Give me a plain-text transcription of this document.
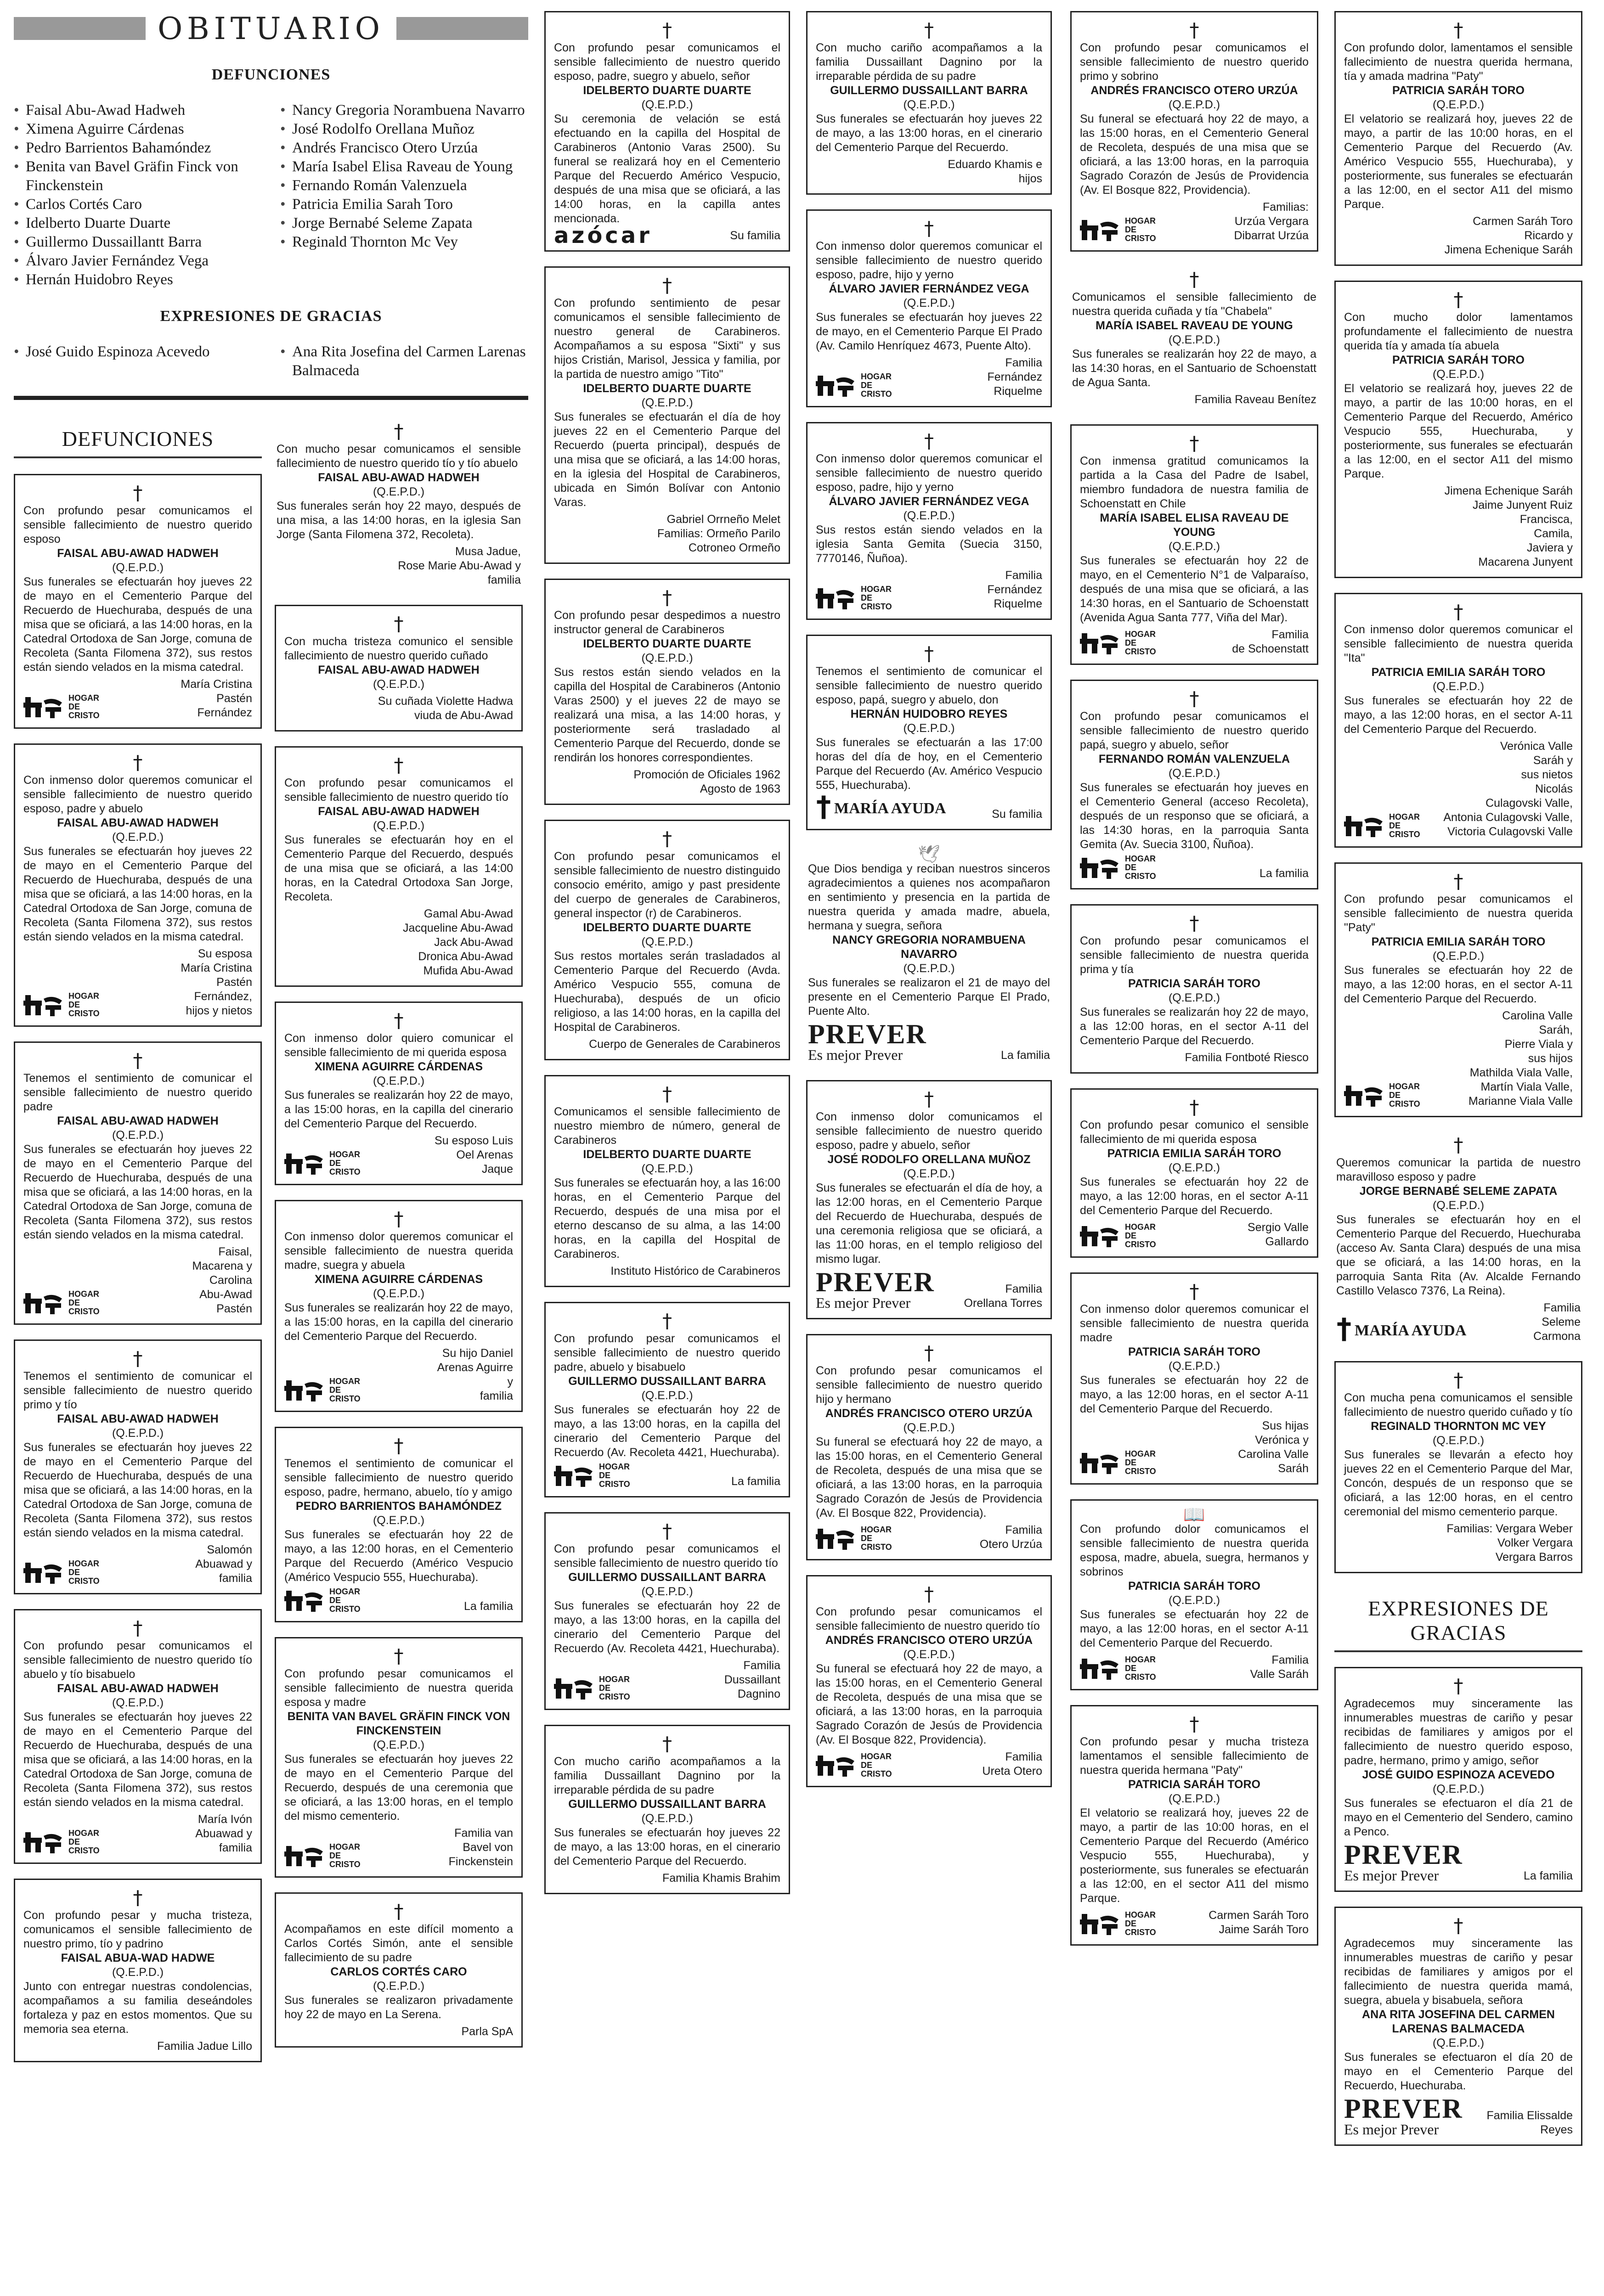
OBITUARIO
DEFUNCIONES
• Faisal Abu-Awad Hadweh
• Ximena Aguirre Cárdenas
• Pedro Barrientos Bahamóndez
• Benita van Bavel Gräfin Finck von Finckenstein
• Carlos Cortés Caro
• Idelberto Duarte Duarte
• Guillermo Dussaillantt Barra
• Álvaro Javier Fernández Vega
• Hernán Huidobro Reyes
• Nancy Gregoria Norambuena Navarro
• José Rodolfo Orellana Muñoz
• Andrés Francisco Otero Urzúa
• María Isabel Elisa Raveau de Young
• Fernando Román Valenzuela
• Patricia Emilia Sarah Toro
• Jorge Bernabé Seleme Zapata
• Reginald Thornton Mc Vey
EXPRESIONES DE GRACIAS
• José Guido Espinoza Acevedo
•	Ana Rita Josefina del Carmen Larenas Balmaceda
DEFUNCIONES
†
Con profundo pesar comunicamos el sensible fallecimiento de nuestro querido esposo
FAISAL ABU-AWAD HADWEH
(Q.E.P.D.)
Sus funerales se efectuarán hoy jueves 22 de mayo en el Cementerio Parque del Recuerdo de Huechuraba, después de una misa que se oficiará, a las 14:00 horas, en la Catedral Ortodoxa de San Jorge, comuna de Recoleta (Santa Filomena 372), sus restos están siendo velados en la misma catedral.
HOGAR DE CRISTO
María Cristina
Pastén
Fernández
†
Con inmenso dolor queremos comunicar el sensible fallecimiento de nuestro querido esposo, padre y abuelo
FAISAL ABU-AWAD HADWEH
(Q.E.P.D.)
Sus funerales se efectuarán hoy jueves 22 de mayo en el Cementerio Parque del Recuerdo de Huechuraba, después de una misa que se oficiará, a las 14:00 horas, en la Catedral Ortodoxa de San Jorge, comuna de Recoleta (Santa Filomena 372), sus restos están siendo velados en la misma catedral.
HOGAR DE CRISTO
Su esposa
María Cristina
Pastén
Fernández,
hijos y nietos
†
Tenemos el sentimiento de comunicar el sensible fallecimiento de nuestro querido padre
FAISAL ABU-AWAD HADWEH
(Q.E.P.D.)
Sus funerales se efectuarán hoy jueves 22 de mayo en el Cementerio Parque del Recuerdo de Huechuraba, después de una misa que se oficiará, a las 14:00 horas, en la Catedral Ortodoxa de San Jorge, comuna de Recoleta (Santa Filomena 372), sus restos están siendo velados en la misma catedral.
HOGAR DE CRISTO
Faisal,
Macarena y
Carolina
Abu-Awad
Pastén
†
Tenemos el sentimiento de comunicar el sensible fallecimiento de nuestro querido primo y tío
FAISAL ABU-AWAD HADWEH
(Q.E.P.D.)
Sus funerales se efectuarán hoy jueves 22 de mayo en el Cementerio Parque del Recuerdo de Huechuraba, después de una misa que se oficiará, a las 14:00 horas, en la Catedral Ortodoxa de San Jorge, comuna de Recoleta (Santa Filomena 372), sus restos están siendo velados en la misma catedral.
HOGAR DE CRISTO
Salomón
Abuawad y
familia
†
Con profundo pesar comunicamos el sensible fallecimiento de nuestro querido tío abuelo y tío bisabuelo
FAISAL ABU-AWAD HADWEH
(Q.E.P.D.)
Sus funerales se efectuarán hoy jueves 22 de mayo en el Cementerio Parque del Recuerdo de Huechuraba, después de una misa que se oficiará, a las 14:00 horas, en la Catedral Ortodoxa de San Jorge, comuna de Recoleta (Santa Filomena 372), sus restos están siendo velados en la misma catedral.
HOGAR DE CRISTO
María Ivón
Abuawad y
familia
†
Con profundo pesar y mucha tristeza, comunicamos el sensible fallecimiento de nuestro primo, tío y padrino
FAISAL ABUA-WAD HADWE
(Q.E.P.D.)
Junto con entregar nuestras condolencias, acompañamos a su familia deseándoles fortaleza y paz en estos momentos. Que su memoria sea eterna.
Familia Jadue Lillo
†
Con mucho pesar comunicamos el sensible fallecimiento de nuestro querido tío y tío abuelo
FAISAL ABU-AWAD HADWEH
(Q.E.P.D.)
Sus funerales serán hoy 22 mayo, después de una misa, a las 14:00 horas, en la iglesia San Jorge (Santa Filomena 372, Recoleta).
Musa Jadue,
Rose Marie Abu-Awad y
familia
†
Con mucha tristeza comunico el sensible fallecimiento de nuestro querido cuñado
FAISAL ABU-AWAD HADWEH
(Q.E.P.D.)
Su cuñada Violette Hadwa
viuda de Abu-Awad
†
Con profundo pesar comunicamos el sensible fallecimiento de nuestro querido tío
FAISAL ABU-AWAD HADWEH
(Q.E.P.D.)
Sus funerales se efectuarán hoy en el Cementerio Parque del Recuerdo, después de una misa que se oficiará, a las 14:00 horas, en la Catedral Ortodoxa San Jorge, Recoleta.
Gamal Abu-Awad
Jacqueline Abu-Awad
Jack Abu-Awad
Dronica Abu-Awad
Mufida Abu-Awad
†
Con inmenso dolor quiero comunicar el sensible fallecimiento de mi querida esposa
XIMENA AGUIRRE CÁRDENAS
(Q.E.P.D.)
Sus funerales se realizarán hoy 22 de mayo, a las 15:00 horas, en la capilla del cinerario del Cementerio Parque del Recuerdo.
HOGAR DE CRISTO
Su esposo Luis
Oel Arenas
Jaque
†
Con inmenso dolor queremos comunicar el sensible fallecimiento de nuestra querida madre, suegra y abuela
XIMENA AGUIRRE CÁRDENAS
(Q.E.P.D.)
Sus funerales se realizarán hoy 22 de mayo, a las 15:00 horas, en la capilla del cinerario del Cementerio Parque del Recuerdo.
HOGAR DE CRISTO
Su hijo Daniel
Arenas Aguirre
y
familia
†
Tenemos el sentimiento de comunicar el sensible fallecimiento de nuestro querido esposo, padre, hermano, abuelo, tío y amigo
PEDRO BARRIENTOS BAHAMÓNDEZ
(Q.E.P.D.)
Sus funerales se efectuarán hoy 22 de mayo, a las 12:00 horas, en el Cementerio Parque del Recuerdo (Américo Vespucio (Américo Vespucio 555, Huechuraba).
HOGAR DE CRISTO	La familia
†
Con profundo pesar comunicamos el sensible fallecimiento de nuestra querida esposa y madre
BENITA VAN BAVEL GRÄFIN FINCK VON FINCKENSTEIN
(Q.E.P.D.)
Sus funerales se efectuarán hoy jueves 22 de mayo en el Cementerio Parque del Recuerdo, después de una ceremonia que se oficiará, a las 13:00 horas, en el templo del mismo cementerio.
HOGAR DE CRISTO
Familia van
Bavel von
Finckenstein
†
Acompañamos en este difícil momento a Carlos Cortés Simón, ante el sensible fallecimiento de su padre
CARLOS CORTÉS CARO
(Q.E.P.D.)
Sus funerales se realizaron privadamente hoy 22 de mayo en La Serena.
Parla SpA
†
Con profundo pesar comunicamos el sensible fallecimiento de nuestro querido esposo, padre, suegro y abuelo, señor
IDELBERTO DUARTE DUARTE
(Q.E.P.D.)
Su ceremonia de velación se está efectuando en la capilla del Hospital de Carabineros (Antonio Varas 2500). Su funeral se realizará hoy en el Cementerio Parque del Recuerdo Américo Vespucio, después de una misa que se oficiará, a las 14:00 horas, en la capilla antes mencionada.
azócar	Su familia
†
Con profundo sentimiento de pesar comunicamos el sensible fallecimiento de nuestro general de Carabineros. Acompañamos a su esposa "Sixti" y sus hijos Cristián, Marisol, Jessica y familia, por la partida de nuestro amigo "Tito"
IDELBERTO DUARTE DUARTE
(Q.E.P.D.)
Sus funerales se efectuarán el día de hoy jueves 22 en el Cementerio Parque del Recuerdo (puerta principal), después de una misa que se oficiará, a las 14:00 horas, en la iglesia del Hospital de Carabineros, ubicada en Simón Bolívar con Antonio Varas.
Gabriel Orrneño Melet
Familias: Ormeño Parilo
Cotroneo Ormeño
†
Con profundo pesar despedimos a nuestro instructor general de Carabineros
IDELBERTO DUARTE DUARTE
(Q.E.P.D.)
Sus restos están siendo velados en la capilla del Hospital de Carabineros (Antonio Varas 2500) y el jueves 22 de mayo se realizará una misa, a las 14:00 horas, y posteriormente será trasladado al Cementerio Parque del Recuerdo, donde se rendirán los honores correspondientes.
Promoción de Oficiales 1962
Agosto de 1963
†
Con profundo pesar comunicamos el sensible fallecimiento de nuestro distinguido consocio emérito, amigo y past presidente del cuerpo de generales de Carabineros, general inspector (r) de Carabineros.
IDELBERTO DUARTE DUARTE
(Q.E.P.D.)
Sus restos mortales serán trasladados al Cementerio Parque del Recuerdo (Avda. Américo Vespucio 555, comuna de Huechuraba), después de un oficio religioso, a las 14:00 horas, en la capilla del Hospital de Carabineros.
Cuerpo de Generales de Carabineros
†
Comunicamos el sensible fallecimiento de nuestro miembro de número, general de Carabineros
IDELBERTO DUARTE DUARTE
(Q.E.P.D.)
Sus funerales se efectuarán hoy, a las 16:00 horas, en el Cementerio Parque del Recuerdo, después de una misa por el eterno descanso de su alma, a las 14:00 horas, en la capilla del Hospital de Carabineros.
Instituto Histórico de Carabineros
†
Con profundo pesar comunicamos el sensible fallecimiento de nuestro querido padre, abuelo y bisabuelo
GUILLERMO DUSSAILLANT BARRA
(Q.E.P.D.)
Sus funerales se efectuarán hoy 22 de mayo, a las 13:00 horas, en la capilla del cinerario del Cementerio Parque del Recuerdo (Av. Recoleta 4421, Huechuraba).
HOGAR DE CRISTO	La familia
†
Con profundo pesar comunicamos el sensible fallecimiento de nuestro querido tío
GUILLERMO DUSSAILLANT BARRA
(Q.E.P.D.)
Sus funerales se efectuarán hoy 22 de mayo, a las 13:00 horas, en la capilla del cinerario del Cementerio Parque del Recuerdo (Av. Recoleta 4421, Huechuraba).
HOGAR DE CRISTO
Familia
Dussaillant
Dagnino
†
Con mucho cariño acompañamos a la familia Dussaillant Dagnino por la irreparable pérdida de su padre
GUILLERMO DUSSAILLANT BARRA
(Q.E.P.D.)
Sus funerales se efectuarán hoy jueves 22 de mayo, a las 13:00 horas, en el cinerario del Cementerio Parque del Recuerdo.
Familia Khamis Brahim
†
Con mucho cariño acompañamos a la familia Dussaillant Dagnino por la irreparable pérdida de su padre
GUILLERMO DUSSAILLANT BARRA
(Q.E.P.D.)
Sus funerales se efectuarán hoy jueves 22 de mayo, a las 13:00 horas, en el cinerario del Cementerio Parque del Recuerdo.
Eduardo Khamis e
hijos
†
Con inmenso dolor queremos comunicar el sensible fallecimiento de nuestro querido esposo, padre, hijo y yerno
ÁLVARO JAVIER FERNÁNDEZ VEGA
(Q.E.P.D.)
Sus funerales se efectuarán hoy jueves 22 de mayo, en el Cementerio Parque El Prado (Av. Camilo Henríquez 4673, Puente Alto).
HOGAR DE CRISTO
Familia
Fernández
Riquelme
†
Con inmenso dolor queremos comunicar el sensible fallecimiento de nuestro querido esposo, padre, hijo y yerno
ÁLVARO JAVIER FERNÁNDEZ VEGA
(Q.E.P.D.)
Sus restos están siendo velados en la iglesia Santa Gemita (Suecia 3150, 7770146, Ñuñoa).
HOGAR DE CRISTO
Familia
Fernández
Riquelme
†
Tenemos el sentimiento de comunicar el sensible fallecimiento de nuestro querido esposo, papá, suegro y abuelo, don
HERNÁN HUIDOBRO REYES
(Q.E.P.D.)
Sus funerales se efectuarán a las 17:00 horas del día de hoy, en el Cementerio Parque del Recuerdo (Av. Américo Vespucio 555, Huechuraba).
MARÍA AYUDA	Su familia
🕊
Que Dios bendiga y reciban nuestros sinceros agradecimientos a quienes nos acompañaron en sentimiento y presencia en la partida de nuestra querida y amada madre, abuela, hermana y suegra, señora
NANCY GREGORIA NORAMBUENA NAVARRO
(Q.E.P.D.)
Sus funerales se realizaron el 21 de mayo del presente en el Cementerio Parque El Prado, Puente Alto.
PREVER
Es mejor Prever	La familia
†
Con inmenso dolor comunicamos el sensible fallecimiento de nuestro querido esposo, padre y abuelo, señor
JOSÉ RODOLFO ORELLANA MUÑOZ
(Q.E.P.D.)
Sus funerales se efectuarán el día de hoy, a las 12:00 horas, en el Cementerio Parque del Recuerdo de Huechuraba, después de una ceremonia religiosa que se oficiará, a las 11:00 horas, en el templo religioso del mismo lugar.
PREVER
Es mejor Prever
Familia
Orellana Torres
†
Con profundo pesar comunicamos el sensible fallecimiento de nuestro querido hijo y hermano
ANDRÉS FRANCISCO OTERO URZÚA
(Q.E.P.D.)
Su funeral se efectuará hoy 22 de mayo, a las 15:00 horas, en el Cementerio General de Recoleta, después de una misa que se oficiará, a las 13:00 horas, en la parroquia Sagrado Corazón de Jesús de Providencia (Av. El Bosque 822, Providencia).
HOGAR DE CRISTO
Familia
Otero Urzúa
†
Con profundo pesar comunicamos el sensible fallecimiento de nuestro querido tío
ANDRÉS FRANCISCO OTERO URZÚA
(Q.E.P.D.)
Su funeral se efectuará hoy 22 de mayo, a las 15:00 horas, en el Cementerio General de Recoleta, después de una misa que se oficiará, a las 13:00 horas, en la parroquia Sagrado Corazón de Jesús de Providencia (Av. El Bosque 822, Providencia).
HOGAR DE CRISTO
Familia
Ureta Otero
†
Con profundo pesar comunicamos el sensible fallecimiento de nuestro querido primo y sobrino
ANDRÉS FRANCISCO OTERO URZÚA
(Q.E.P.D.)
Su funeral se efectuará hoy 22 de mayo, a las 15:00 horas, en el Cementerio General de Recoleta, después de una misa que se oficiará, a las 13:00 horas, en la parroquia Sagrado Corazón de Jesús de Providencia (Av. El Bosque 822, Providencia).
HOGAR DE CRISTO
Familias:
Urzúa Vergara
Dibarrat Urzúa
†
Comunicamos el sensible fallecimiento de nuestra querida cuñada y tía "Chabela"
MARÍA ISABEL RAVEAU DE YOUNG
(Q.E.P.D.)
Sus funerales se realizarán hoy 22 de mayo, a las 14:30 horas, en el Santuario de Schoenstatt de Agua Santa.
Familia Raveau Benítez
†
Con inmensa gratitud comunicamos la partida a la Casa del Padre de Isabel, miembro fundadora de nuestra familia de Schoenstatt en Chile
MARÍA ISABEL ELISA RAVEAU DE YOUNG
(Q.E.P.D.)
Sus funerales se efectuarán hoy 22 de mayo, en el Cementerio N°1 de Valparaíso, después de una misa que se oficiará, a las 14:30 horas, en el Santuario de Schoenstatt (Avenida Agua Santa 777, Viña del Mar).
HOGAR DE CRISTO
Familia
de Schoenstatt
†
Con profundo pesar comunicamos el sensible fallecimiento de nuestro querido papá, suegro y abuelo, señor
FERNANDO ROMÁN VALENZUELA
(Q.E.P.D.)
Sus funerales se efectuarán hoy jueves en el Cementerio General (acceso Recoleta), después de un responso que se oficiará, a las 14:30 horas, en la parroquia Santa Gemita (Av. Suecia 3100, Ñuñoa).
HOGAR DE CRISTO	La familia
†
Con profundo pesar comunicamos el sensible fallecimiento de nuestra querida prima y tía
PATRICIA SARÁH TORO
(Q.E.P.D.)
Sus funerales se realizarán hoy 22 de mayo, a las 12:00 horas, en el sector A-11 del Cementerio Parque del Recuerdo.
Familia Fontboté Riesco
†
Con profundo pesar comunico el sensible fallecimiento de mi querida esposa
PATRICIA EMILIA SARÁH TORO
(Q.E.P.D.)
Sus funerales se efectuarán hoy 22 de mayo, a las 12:00 horas, en el sector A-11 del Cementerio Parque del Recuerdo.
HOGAR DE CRISTO
Sergio Valle
Gallardo
†
Con inmenso dolor queremos comunicar el sensible fallecimiento de nuestra querida madre
PATRICIA SARÁH TORO
(Q.E.P.D.)
Sus funerales se efectuarán hoy 22 de mayo, a las 12:00 horas, en el sector A-11 del Cementerio Parque del Recuerdo.
HOGAR DE CRISTO
Sus hijas
Verónica y
Carolina Valle
Saráh
📖
Con profundo dolor comunicamos el sensible fallecimiento de nuestra querida esposa, madre, abuela, suegra, hermanos y sobrinos
PATRICIA SARÁH TORO
(Q.E.P.D.)
Sus funerales se efectuarán hoy 22 de mayo, a las 12:00 horas, en el sector A-11 del Cementerio Parque del Recuerdo.
HOGAR DE CRISTO
Familia
Valle Saráh
†
Con profundo pesar y mucha tristeza lamentamos el sensible fallecimiento de nuestra querida hermana "Paty"
PATRICIA SARÁH TORO
(Q.E.P.D.)
El velatorio se realizará hoy, jueves 22 de mayo, a partir de las 10:00 horas, en el Cementerio Parque del Recuerdo (Américo Vespucio 555, Huechuraba), y posteriormente, sus funerales se efectuarán a las 12:00, en el sector A11 del mismo Parque.
HOGAR DE CRISTO
Carmen Saráh Toro
Jaime Saráh Toro
†
Con profundo dolor, lamentamos el sensible fallecimiento de nuestra querida hermana, tía y amada madrina "Paty"
PATRICIA SARÁH TORO
(Q.E.P.D.)
El velatorio se realizará hoy, jueves 22 de mayo, a partir de las 10:00 horas, en el Cementerio Parque del Recuerdo (Av. Américo Vespucio 555, Huechuraba), y posteriormente, sus funerales se efectuarán a las 12:00, en el sector A11 del mismo Parque.
Carmen Saráh Toro
Ricardo y
Jimena Echenique Saráh
†
Con mucho dolor lamentamos profundamente el fallecimiento de nuestra querida tía y amada tía abuela
PATRICIA SARÁH TORO
(Q.E.P.D.)
El velatorio se realizará hoy, jueves 22 de mayo, a partir de las 10:00 horas, en el Cementerio Parque del Recuerdo, Américo Vespucio 555, Huechuraba, y posteriormente, sus funerales se efectuarán a las 12:00, en el sector A11 del mismo Parque.
Jimena Echenique Saráh
Jaime Junyent Ruiz
Francisca,
Camila,
Javiera y
Macarena Junyent
†
Con inmenso dolor queremos comunicar el sensible fallecimiento de nuestra querida "Ita"
PATRICIA EMILIA SARÁH TORO
(Q.E.P.D.)
Sus funerales se efectuarán hoy 22 de mayo, a las 12:00 horas, en el sector A-11 del Cementerio Parque del Recuerdo.
HOGAR DE CRISTO
Verónica Valle
Saráh y
sus nietos
Nicolás
Culagovski Valle,
Antonia Culagovski Valle,
Victoria Culagovski Valle
†
Con profundo pesar comunicamos el sensible fallecimiento de nuestra querida "Paty"
PATRICIA EMILIA SARÁH TORO
(Q.E.P.D.)
Sus funerales se efectuarán hoy 22 de mayo, a las 12:00 horas, en el sector A-11 del Cementerio Parque del Recuerdo.
HOGAR DE CRISTO
Carolina Valle
Saráh,
Pierre Viala y
sus hijos
Mathilda Viala Valle,
Martín Viala Valle,
Marianne Viala Valle
†
Queremos comunicar la partida de nuestro maravilloso esposo y padre
JORGE BERNABÉ SELEME ZAPATA
(Q.E.P.D.)
Sus funerales se efectuarán hoy en el Cementerio Parque del Recuerdo, Huechuraba (acceso Av. Santa Clara) después de una misa que se oficiará, a las 14:00 horas, en la parroquia Santa Rita (Av. Alcalde Fernando Castillo Velasco 7376, La Reina).
MARÍA AYUDA
Familia
Seleme
Carmona
†
Con mucha pena comunicamos el sensible fallecimiento de nuestro querido cuñado y tío
REGINALD THORNTON MC VEY
(Q.E.P.D.)
Sus funerales se llevarán a efecto hoy jueves 22 en el Cementerio Parque del Mar, Concón, después de un responso que se oficiará, a las 12:00 horas, en el centro ceremonial del mismo cementerio parque.
Familias: Vergara Weber
Volker Vergara
Vergara Barros
EXPRESIONES DE GRACIAS
†
Agradecemos muy sinceramente las innumerables muestras de cariño y pesar recibidas de familiares y amigos por el fallecimiento de nuestro querido esposo, padre, hermano, primo y amigo, señor
JOSÉ GUIDO ESPINOZA ACEVEDO
(Q.E.P.D.)
Sus funerales se efectuaron el día 21 de mayo en el Cementerio del Sendero, camino a Penco.
PREVER
Es mejor Prever	La familia
†
Agradecemos muy sinceramente las innumerables muestras de cariño y pesar recibidas de familiares y amigos por el fallecimiento de nuestra querida mamá, suegra, abuela y bisabuela, señora
ANA RITA JOSEFINA DEL CARMEN LARENAS BALMACEDA
(Q.E.P.D.)
Sus funerales se efectuaron el día 20 de mayo en el Cementerio Parque del Recuerdo, Huechuraba.
PREVER
Es mejor Prever
Familia Elissalde
Reyes
